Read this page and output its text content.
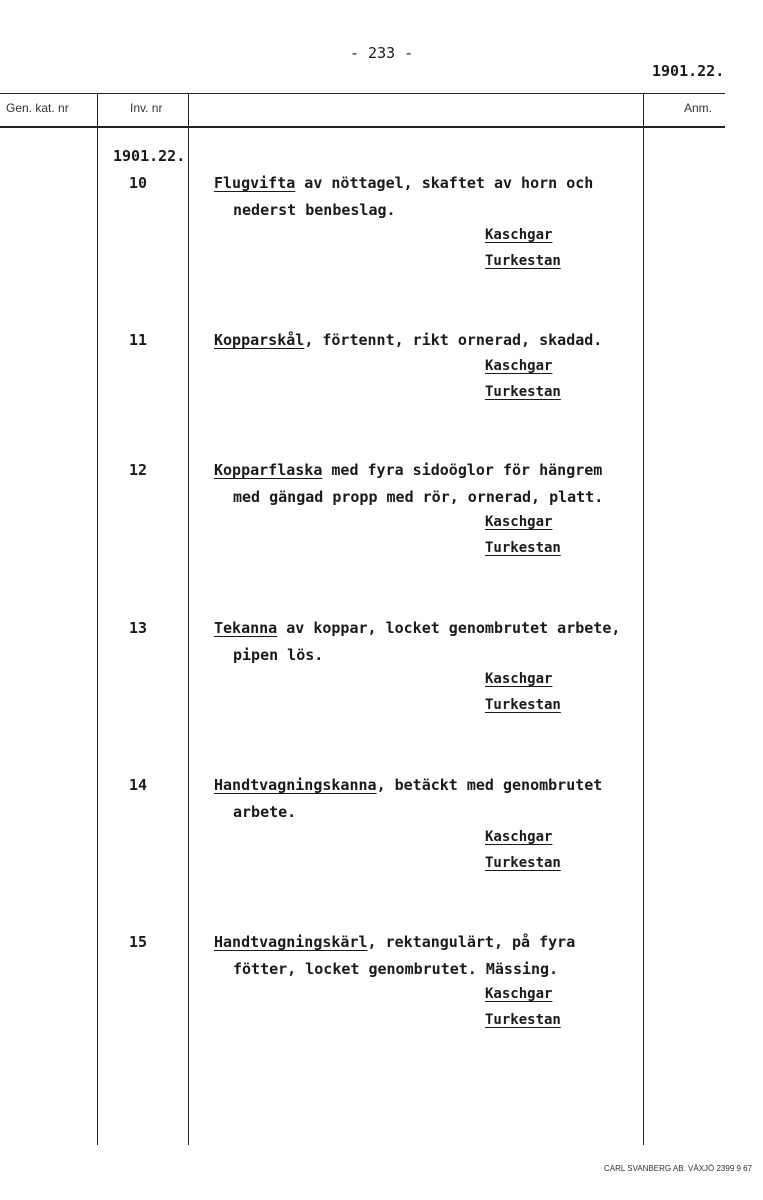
- 233 -
1901.22.
Gen. kat. nr	Inv. nr	Anm.
1901.22.
10	Flugvifta av nöttagel, skaftet av horn och
nederst benbeslag.
Kaschgar
Turkestan
11	Kopparskål, förtennt, rikt ornerad, skadad.
Kaschgar
Turkestan
12	Kopparflaska med fyra sidoöglor för hängrem
med gängad propp med rör, ornerad, platt.
Kaschgar
Turkestan
13	Tekanna av koppar, locket genombrutet arbete,
pipen lös.
Kaschgar
Turkestan
14	Handtvagningskanna, betäckt med genombrutet
arbete.
Kaschgar
Turkestan
15	Handtvagningskärl, rektangulärt, på fyra
fötter, locket genombrutet. Mässing.
Kaschgar
Turkestan
CARL SVANBERG AB. VÄXJÖ 2399 9 67
